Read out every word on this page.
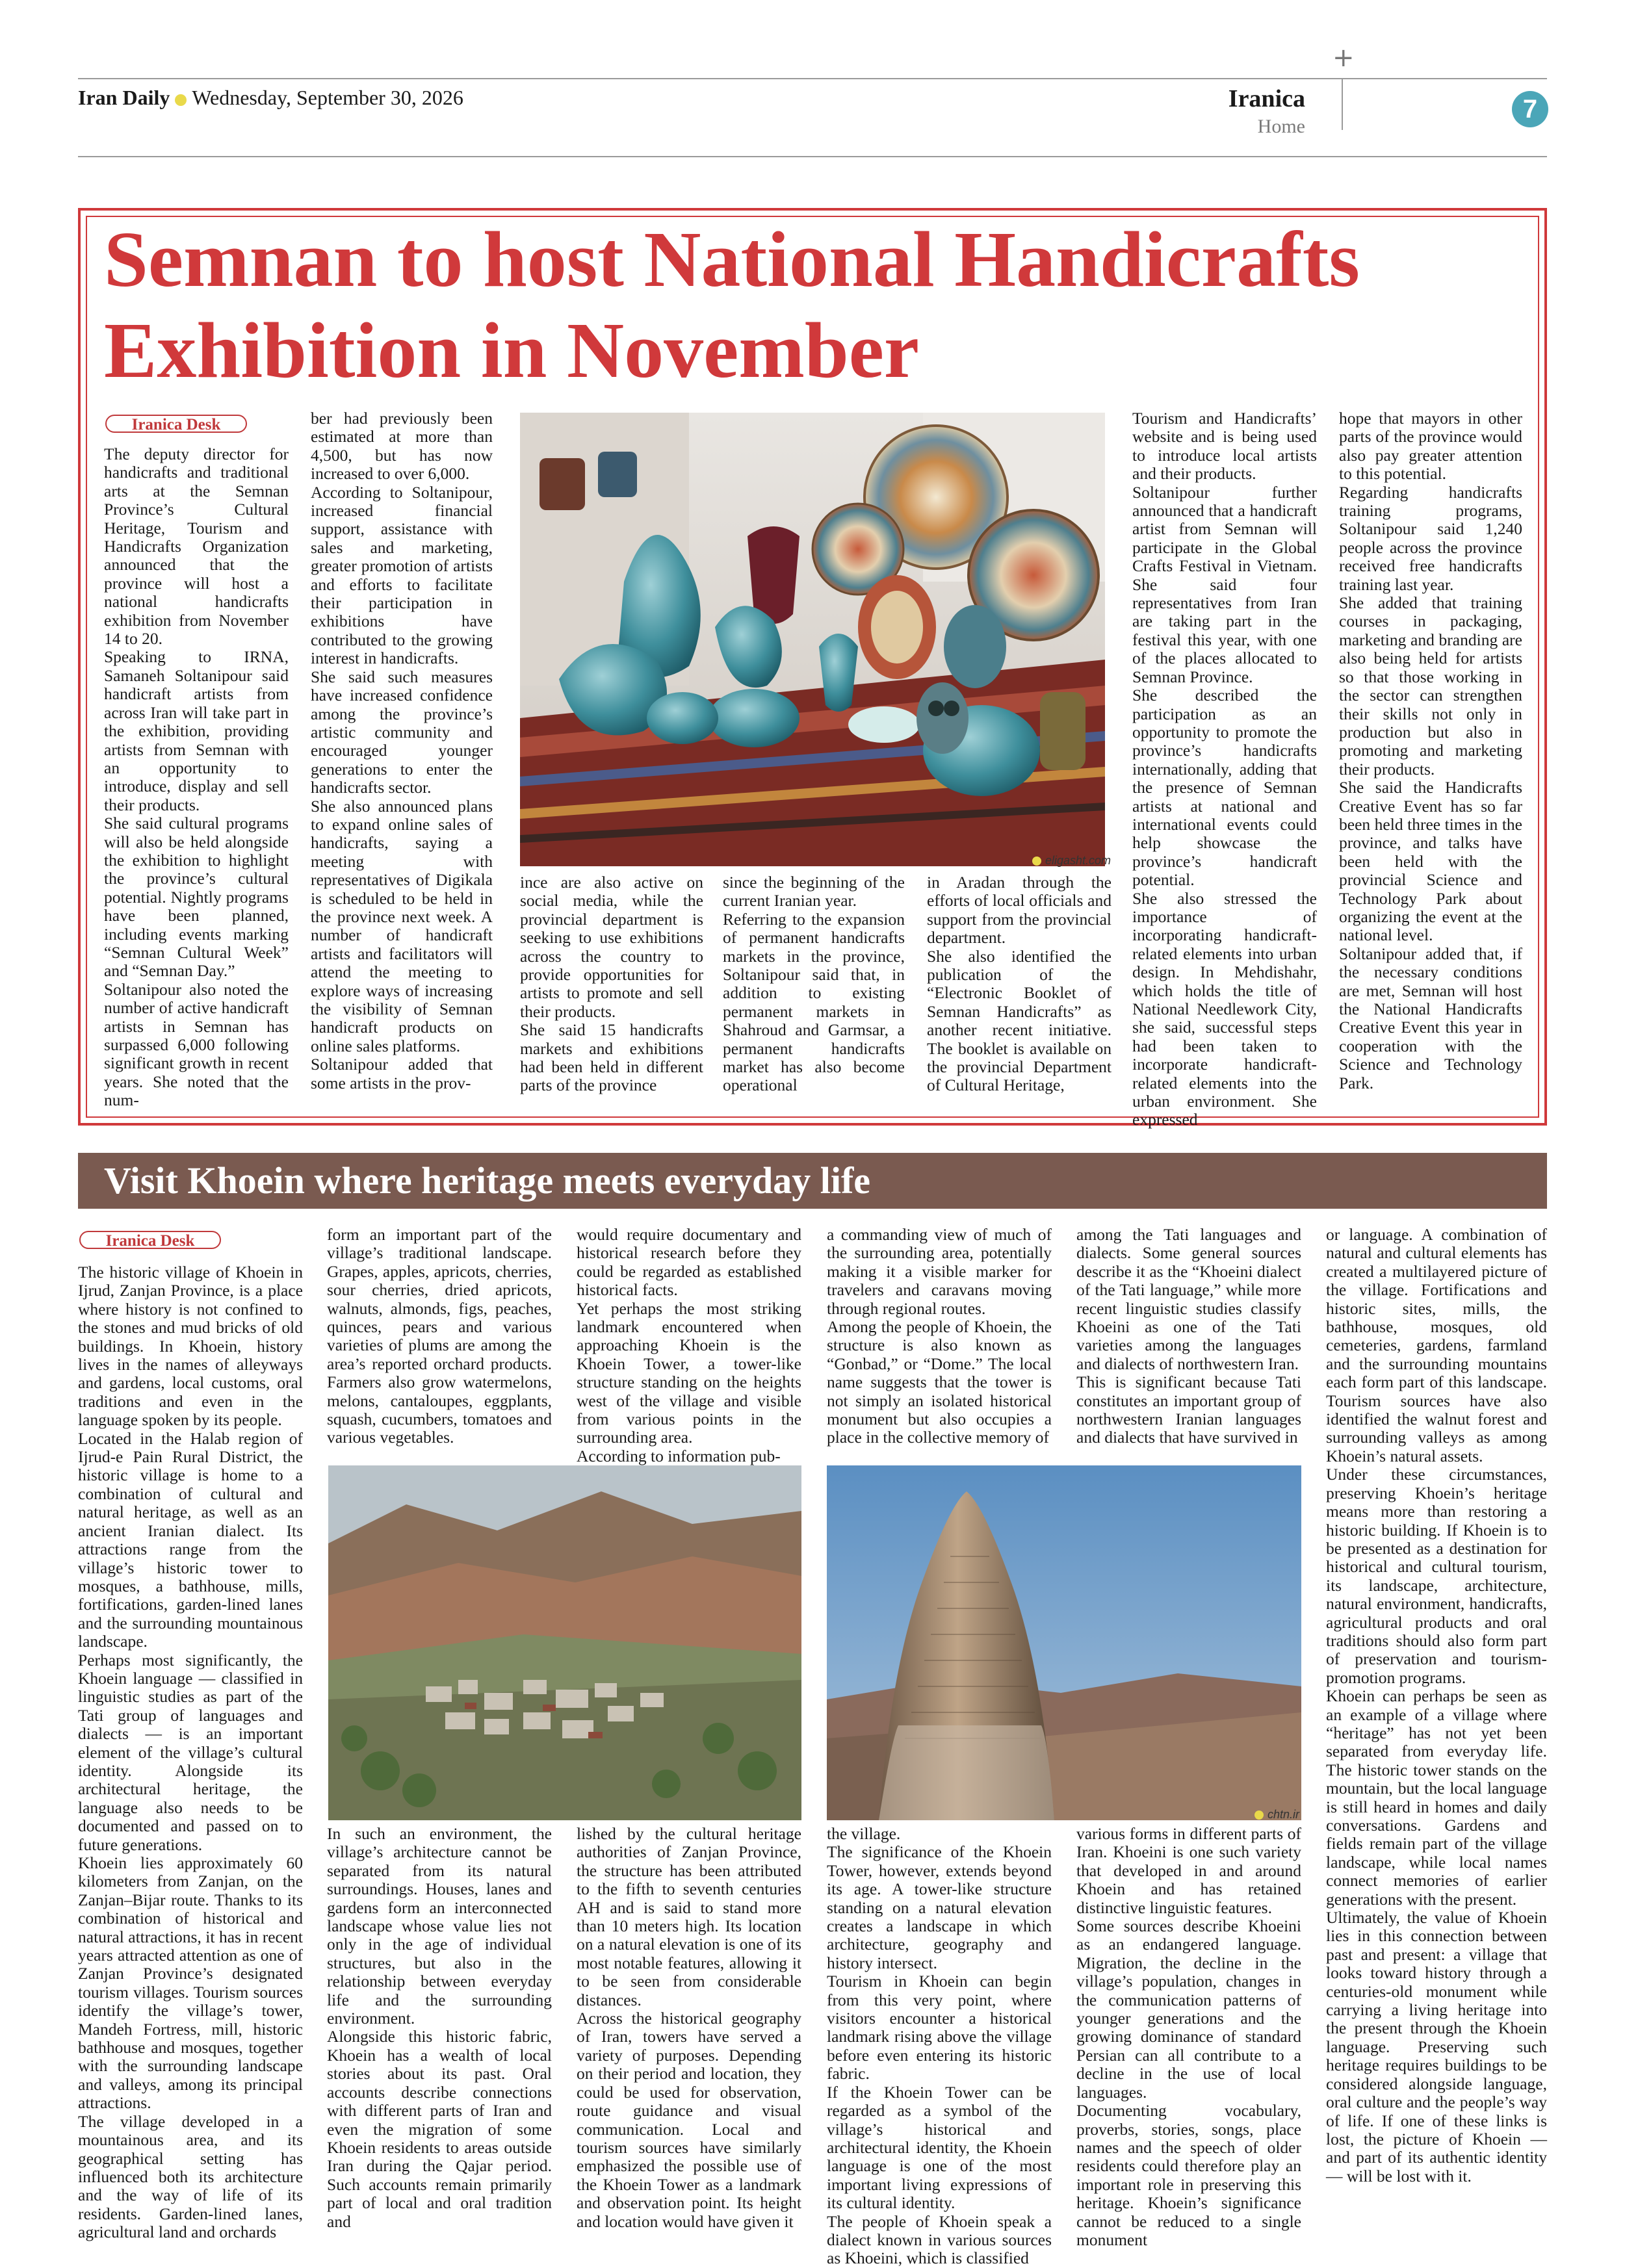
+
Iran Daily Wednesday, September 30, 2026	Iranica
Home
7
Semnan to host National Handicrafts Exhibition in November
Iranica Desk

The deputy director for handicrafts and traditional arts at the Semnan Province’s Cultural Heritage, Tourism and Handicrafts Organization announced that the province will host a national handicrafts exhibition from November 14 to 20.

Speaking to IRNA, Samaneh Soltanipour said handicraft artists from across Iran will take part in the exhibition, providing artists from Semnan with an opportunity to introduce, display and sell their products.

She said cultural programs will also be held alongside the exhibition to highlight the province’s cultural potential. Nightly programs have been planned, including events marking “Semnan Cultural Week” and “Semnan Day.”

Soltanipour also noted the number of active handicraft artists in Semnan has surpassed 6,000 following significant growth in recent years. She noted that the num-

ber had previously been estimated at more than 4,500, but has now increased to over 6,000.

According to Soltanipour, increased financial support, assistance with sales and marketing, greater promotion of artists and efforts to facilitate their participation in exhibitions have contributed to the growing interest in handicrafts.

She said such measures have increased confidence among the province’s artistic community and encouraged younger generations to enter the handicrafts sector.

She also announced plans to expand online sales of handicrafts, saying a meeting with representatives of Digikala is scheduled to be held in the province next week. A number of handicraft artists and facilitators will attend the meeting to explore ways of increasing the visibility of Semnan handicraft products on online sales platforms.

Soltanipour added that some artists in the prov-

eligasht.com

ince are also active on social media, while the provincial department is seeking to use exhibitions across the country to provide opportunities for artists to promote and sell their products.

She said 15 handicrafts markets and exhibitions had been held in different parts of the province

since the beginning of the current Iranian year.

Referring to the expansion of permanent handicrafts markets in the province, Soltanipour said that, in addition to existing permanent markets in Shahroud and Garmsar, a permanent handicrafts market has also become operational

in Aradan through the efforts of local officials and support from the provincial department.

She also identified the publication of the “Electronic Booklet of Semnan Handicrafts” as another recent initiative. The booklet is available on the provincial Department of Cultural Heritage,

Tourism and Handicrafts’ website and is being used to introduce local artists and their products.

Soltanipour further announced that a handicraft artist from Semnan will participate in the Global Crafts Festival in Vietnam. She said four representatives from Iran are taking part in the festival this year, with one of the places allocated to Semnan Province.

She described the participation as an opportunity to promote the province’s handicrafts internationally, adding that the presence of Semnan artists at national and international events could help showcase the province’s handicraft potential.

She also stressed the importance of incorporating handicraft-related elements into urban design. In Mehdishahr, which holds the title of National Needlework City, she said, successful steps had been taken to incorporate handicraft-related elements into the urban environment. She expressed

hope that mayors in other parts of the province would also pay greater attention to this potential.

Regarding handicrafts training programs, Soltanipour said 1,240 people across the province received free handicrafts training last year.

She added that training courses in packaging, marketing and branding are also being held for artists so that those working in the sector can strengthen their skills not only in production but also in promoting and marketing their products.

She said the Handicrafts Creative Event has so far been held three times in the province, and talks have been held with the provincial Science and Technology Park about organizing the event at the national level.

Soltanipour added that, if the necessary conditions are met, Semnan will host the National Handicrafts Creative Event this year in cooperation with the Science and Technology Park.

Visit Khoein where heritage meets everyday life
Iranica Desk

The historic village of Khoein in Ijrud, Zanjan Province, is a place where history is not confined to the stones and mud bricks of old buildings. In Khoein, history lives in the names of alleyways and gardens, local customs, oral traditions and even in the language spoken by its people.

Located in the Halab region of Ijrud-e Pain Rural District, the historic village is home to a combination of cultural and natural heritage, as well as an ancient Iranian dialect. Its attractions range from the village’s historic tower to mosques, a bathhouse, mills, fortifications, garden-lined lanes and the surrounding mountainous landscape.

Perhaps most significantly, the Khoein language — classified in linguistic studies as part of the Tati group of languages and dialects — is an important element of the village’s cultural identity. Alongside its architectural heritage, the language also needs to be documented and passed on to future generations.

Khoein lies approximately 60 kilometers from Zanjan, on the Zanjan–Bijar route. Thanks to its combination of historical and natural attractions, it has in recent years attracted attention as one of Zanjan Province’s designated tourism villages. Tourism sources identify the village’s tower, Mandeh Fortress, mill, historic bathhouse and mosques, together with the surrounding landscape and valleys, among its principal attractions.

The village developed in a mountainous area, and its geographical setting has influenced both its architecture and the way of life of its residents. Garden-lined lanes, agricultural land and orchards

form an important part of the village’s traditional landscape. Grapes, apples, apricots, cherries, sour cherries, dried apricots, walnuts, almonds, figs, peaches, quinces, pears and various varieties of plums are among the area’s reported orchard products. Farmers also grow watermelons, melons, cantaloupes, eggplants, squash, cucumbers, tomatoes and various vegetables.

would require documentary and historical research before they could be regarded as established historical facts.

Yet perhaps the most striking landmark encountered when approaching Khoein is the Khoein Tower, a tower-like structure standing on the heights west of the village and visible from various points in the surrounding area.

According to information pub-

a commanding view of much of the surrounding area, potentially making it a visible marker for travelers and caravans moving through regional routes.

Among the people of Khoein, the structure is also known as “Gonbad,” or “Dome.” The local name suggests that the tower is not simply an isolated historical monument but also occupies a place in the collective memory of

among the Tati languages and dialects. Some general sources describe it as the “Khoeini dialect of the Tati language,” while more recent linguistic studies classify Khoeini as one of the Tati varieties among the languages and dialects of northwestern Iran.

This is significant because Tati constitutes an important group of northwestern Iranian languages and dialects that have survived in

chtn.ir

In such an environment, the village’s architecture cannot be separated from its natural surroundings. Houses, lanes and gardens form an interconnected landscape whose value lies not only in the age of individual structures, but also in the relationship between everyday life and the surrounding environment.

Alongside this historic fabric, Khoein has a wealth of local stories about its past. Oral accounts describe connections with different parts of Iran and even the migration of some Khoein residents to areas outside Iran during the Qajar period. Such accounts remain primarily part of local and oral tradition and

lished by the cultural heritage authorities of Zanjan Province, the structure has been attributed to the fifth to seventh centuries AH and is said to stand more than 10 meters high. Its location on a natural elevation is one of its most notable features, allowing it to be seen from considerable distances.

Across the historical geography of Iran, towers have served a variety of purposes. Depending on their period and location, they could be used for observation, route guidance and visual communication. Local and tourism sources have similarly emphasized the possible use of the Khoein Tower as a landmark and observation point. Its height and location would have given it

the village.

The significance of the Khoein Tower, however, extends beyond its age. A tower-like structure standing on a natural elevation creates a landscape in which architecture, geography and history intersect.

Tourism in Khoein can begin from this very point, where visitors encounter a historical landmark rising above the village before even entering its historic fabric.

If the Khoein Tower can be regarded as a symbol of the village’s historical and architectural identity, the Khoein language is one of the most important living expressions of its cultural identity.

The people of Khoein speak a dialect known in various sources as Khoeini, which is classified

various forms in different parts of Iran. Khoeini is one such variety that developed in and around Khoein and has retained distinctive linguistic features.

Some sources describe Khoeini as an endangered language. Migration, the decline in the village’s population, changes in the communication patterns of younger generations and the growing dominance of standard Persian can all contribute to a decline in the use of local languages.

Documenting vocabulary, proverbs, stories, songs, place names and the speech of older residents could therefore play an important role in preserving this heritage. Khoein’s significance cannot be reduced to a single monument

or language. A combination of natural and cultural elements has created a multilayered picture of the village. Fortifications and historic sites, mills, the bathhouse, mosques, old cemeteries, gardens, farmland and the surrounding mountains each form part of this landscape. Tourism sources have also identified the walnut forest and surrounding valleys as among Khoein’s natural assets.

Under these circumstances, preserving Khoein’s heritage means more than restoring a historic building. If Khoein is to be presented as a destination for historical and cultural tourism, its landscape, architecture, natural environment, handicrafts, agricultural products and oral traditions should also form part of preservation and tourism-promotion programs.

Khoein can perhaps be seen as an example of a village where “heritage” has not yet been separated from everyday life. The historic tower stands on the mountain, but the local language is still heard in homes and daily conversations. Gardens and fields remain part of the village landscape, while local names connect memories of earlier generations with the present.

Ultimately, the value of Khoein lies in this connection between past and present: a village that looks toward history through a centuries-old monument while carrying a living heritage into the present through the Khoein language. Preserving such heritage requires buildings to be considered alongside language, oral culture and the people’s way of life. If one of these links is lost, the picture of Khoein — and part of its authentic identity — will be lost with it.
